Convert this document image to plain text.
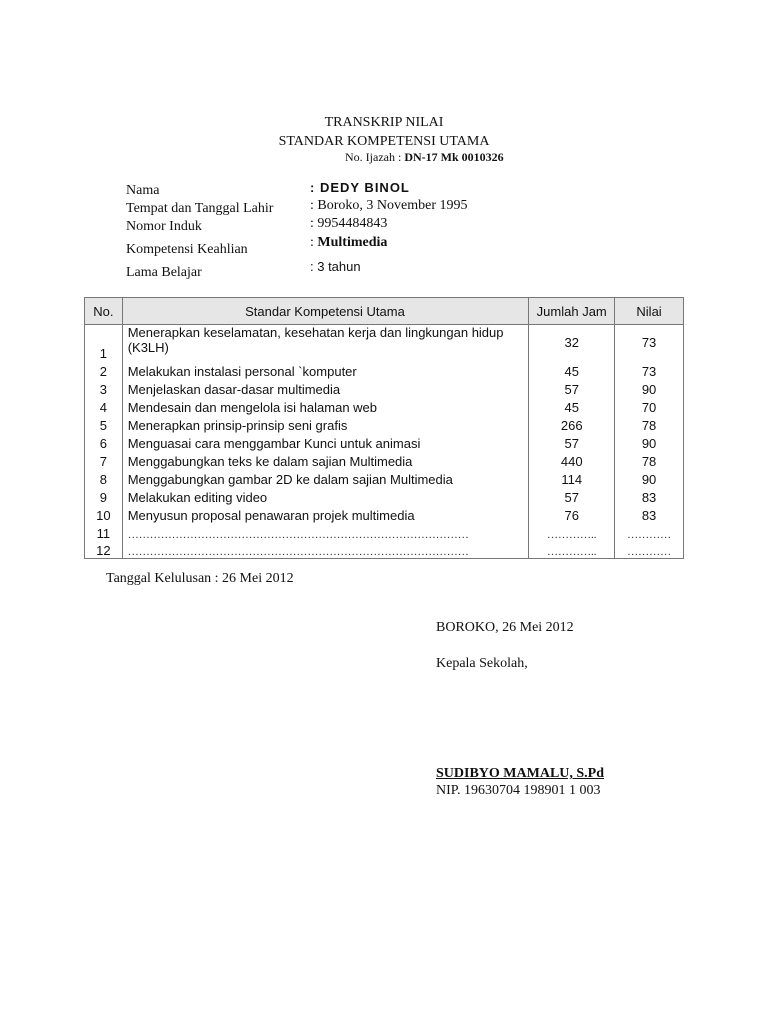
TRANSKRIP NILAI
STANDAR KOMPETENSI UTAMA
No. Ijazah : DN-17 Mk 0010326
Nama	: DEDY BINOL
Tempat dan Tanggal Lahir	: Boroko, 3 November 1995
Nomor Induk	: 9954484843
Kompetensi Keahlian	: Multimedia
Lama Belajar	: 3 tahun
No.	Standar Kompetensi Utama	Jumlah Jam	Nilai
1	Menerapkan keselamatan, kesehatan kerja dan lingkungan hidup (K3LH)	32	73
2	Melakukan instalasi personal `komputer	45	73
3	Menjelaskan dasar-dasar multimedia	57	90
4	Mendesain dan mengelola isi halaman web	45	70
5	Menerapkan prinsip-prinsip seni grafis	266	78
6	Menguasai cara menggambar Kunci untuk animasi	57	90
7	Menggabungkan teks ke dalam sajian Multimedia	440	78
8	Menggabungkan gambar 2D ke dalam sajian Multimedia	114	90
9	Melakukan editing video	57	83
10	Menyusun proposal penawaran projek multimedia	76	83
11	…………………………………………………………………………………	…………..	…………
12	…………………………………………………………………………………	…………..	…………
Tanggal Kelulusan : 26 Mei 2012
BOROKO, 26 Mei 2012
Kepala Sekolah,
SUDIBYO MAMALU, S.Pd
NIP. 19630704 198901 1 003
